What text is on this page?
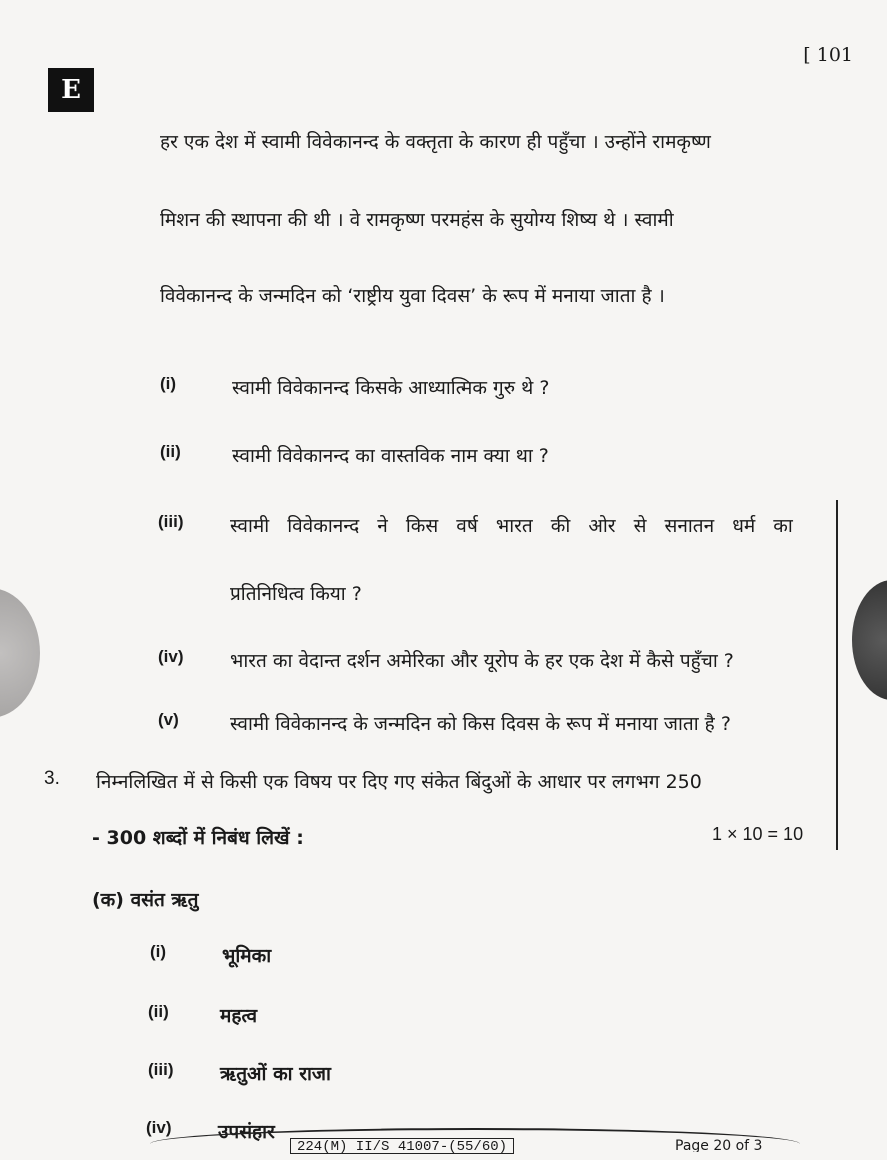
E
[ 101
हर एक देश में स्वामी विवेकानन्द के वक्तृता के कारण ही पहुँचा । उन्होंने रामकृष्ण
मिशन की स्थापना की थी । वे रामकृष्ण परमहंस के सुयोग्य शिष्य थे । स्वामी
विवेकानन्द के जन्मदिन को ‘राष्ट्रीय युवा दिवस’ के रूप में मनाया जाता है ।
(i)	स्वामी विवेकानन्द किसके आध्यात्मिक गुरु थे ?
(ii)	स्वामी विवेकानन्द का वास्तविक नाम क्या था ?
(iii) स्वामी विवेकानन्द ने किस वर्ष भारत की ओर से सनातन धर्म का
प्रतिनिधित्व किया ?
(iv) भारत का वेदान्त दर्शन अमेरिका और यूरोप के हर एक देश में कैसे पहुँचा ?
(v)	स्वामी विवेकानन्द के जन्मदिन को किस दिवस के रूप में मनाया जाता है ?
3. निम्नलिखित में से किसी एक विषय पर दिए गए संकेत बिंदुओं के आधार पर लगभग 250
- 300 शब्दों में निबंध लिखें :	1 × 10 = 10
(क) वसंत ऋतु
(i)	भूमिका
(ii)	महत्व
(iii) ऋतुओं का राजा
(iv) उपसंहार
224(M) II/S 41007-(55/60)	Page 20 of 3
